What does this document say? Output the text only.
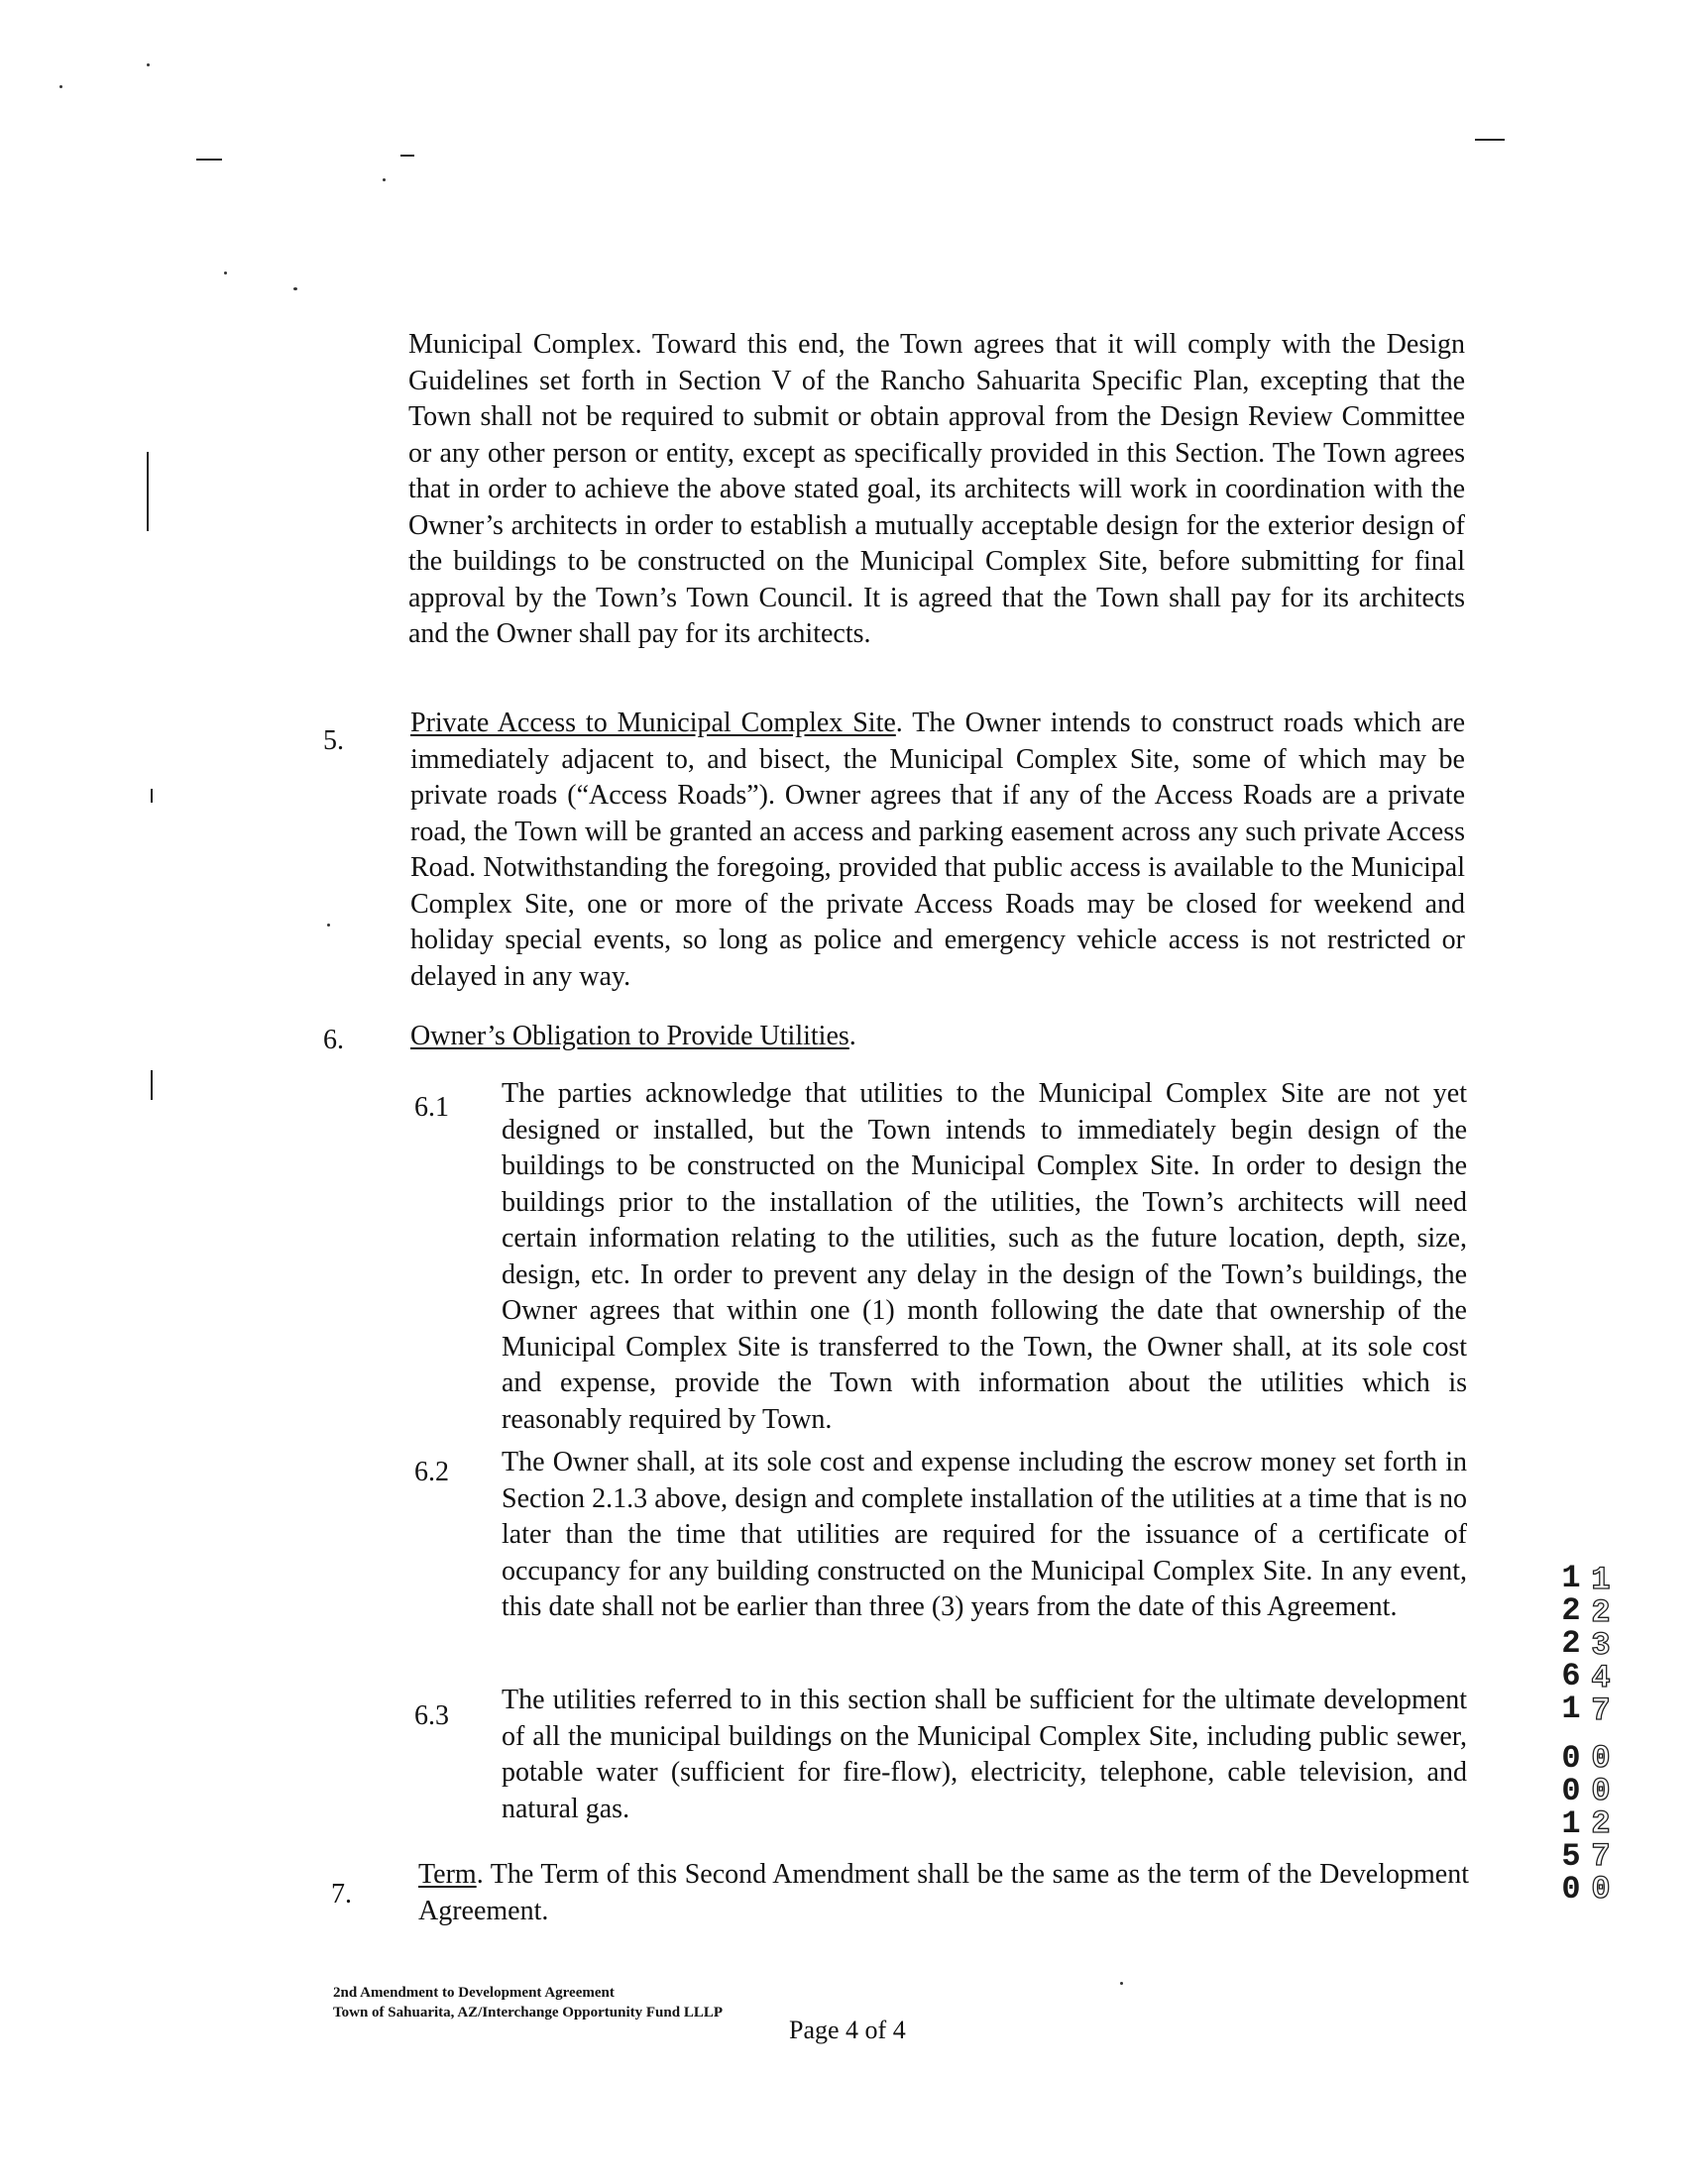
Municipal Complex. Toward this end, the Town agrees that it will comply with the Design Guidelines set forth in Section V of the Rancho Sahuarita Specific Plan, excepting that the Town shall not be required to submit or obtain approval from the Design Review Committee or any other person or entity, except as specifically provided in this Section. The Town agrees that in order to achieve the above stated goal, its architects will work in coordination with the Owner’s architects in order to establish a mutually acceptable design for the exterior design of the buildings to be constructed on the Municipal Complex Site, before submitting for final approval by the Town’s Town Council. It is agreed that the Town shall pay for its architects and the Owner shall pay for its architects.
5.
Private Access to Municipal Complex Site. The Owner intends to construct roads which are immediately adjacent to, and bisect, the Municipal Complex Site, some of which may be private roads (“Access Roads”). Owner agrees that if any of the Access Roads are a private road, the Town will be granted an access and parking easement across any such private Access Road. Notwithstanding the foregoing, provided that public access is available to the Municipal Complex Site, one or more of the private Access Roads may be closed for weekend and holiday special events, so long as police and emergency vehicle access is not restricted or delayed in any way.
6. Owner’s Obligation to Provide Utilities.
6.1 The parties acknowledge that utilities to the Municipal Complex Site are not yet designed or installed, but the Town intends to immediately begin design of the buildings to be constructed on the Municipal Complex Site. In order to design the buildings prior to the installation of the utilities, the Town’s architects will need certain information relating to the utilities, such as the future location, depth, size, design, etc. In order to prevent any delay in the design of the Town’s buildings, the Owner agrees that within one (1) month following the date that ownership of the Municipal Complex Site is transferred to the Town, the Owner shall, at its sole cost and expense, provide the Town with information about the utilities which is reasonably required by Town.
6.2 The Owner shall, at its sole cost and expense including the escrow money set forth in Section 2.1.3 above, design and complete installation of the utilities at a time that is no later than the time that utilities are required for the issuance of a certificate of occupancy for any building constructed on the Municipal Complex Site. In any event, this date shall not be earlier than three (3) years from the date of this Agreement.
6.3
The utilities referred to in this section shall be sufficient for the ultimate development of all the municipal buildings on the Municipal Complex Site, including public sewer, potable water (sufficient for fire-flow), electricity, telephone, cable television, and natural gas.
7.
Term. The Term of this Second Amendment shall be the same as the term of the Development Agreement.
2nd Amendment to Development Agreement
Town of Sahuarita, AZ/Interchange Opportunity Fund LLLP
Page 4 of 4
12261
00150
12347
00270
